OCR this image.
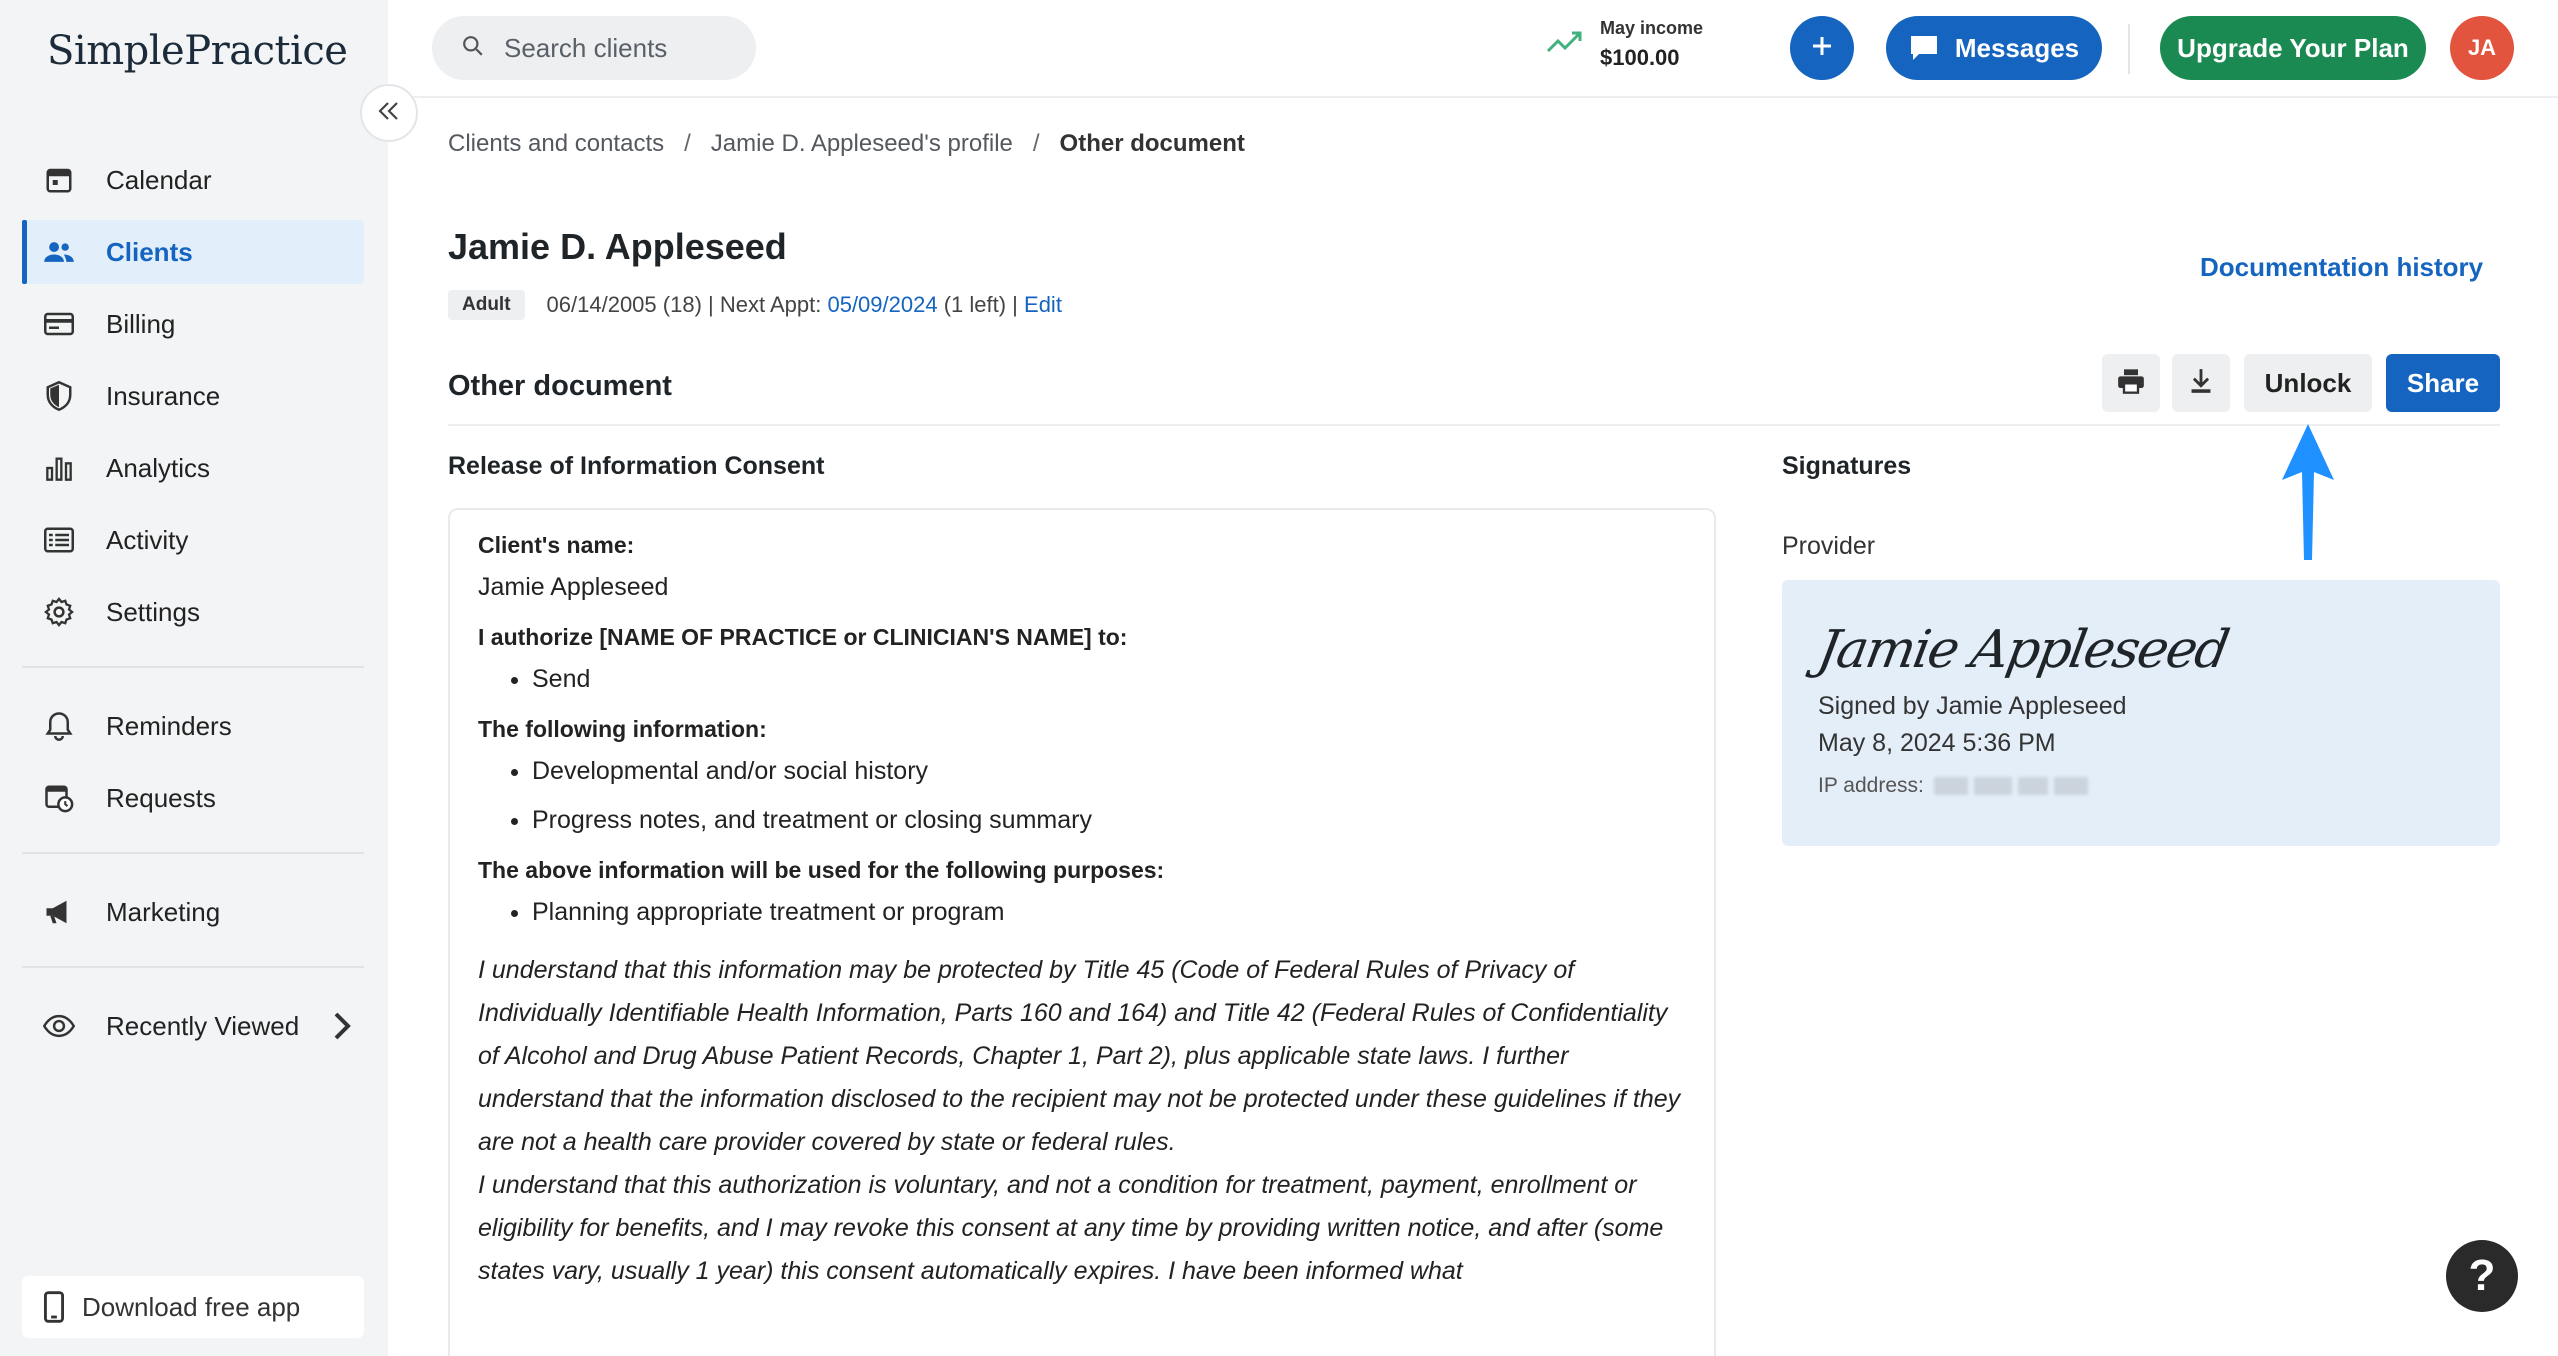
SimplePractice
Calendar
Clients
Billing
Insurance
Analytics
Activity
Settings
Reminders
Requests
Marketing
Recently Viewed
Download free app
Search clients
May income
$100.00	Messages	Upgrade Your Plan	JA
Clients and contacts / Jamie D. Appleseed's profile / Other document
Jamie D. Appleseed
Adult	06/14/2005 (18) | Next Appt:
05/09/2024
(1 left) |
Edit
Documentation history
Other document	Unlock	Share
Release of Information Consent
Client's name:
Jamie Appleseed
I authorize [NAME OF PRACTICE or CLINICIAN'S NAME] to:
• Send
The following information:
• Developmental and/or social history
• Progress notes, and treatment or closing summary
The above information will be used for the following purposes:
• Planning appropriate treatment or program

I understand that this information may be protected by Title 45 (Code of Federal Rules of Privacy of Individually Identifiable Health Information, Parts 160 and 164) and Title 42 (Federal Rules of Confidentiality of Alcohol and Drug Abuse Patient Records, Chapter 1, Part 2), plus applicable state laws. I further understand that the information disclosed to the recipient may not be protected under these guidelines if they are not a health care provider covered by state or federal rules.

I understand that this authorization is voluntary, and not a condition for treatment, payment, enrollment or eligibility for benefits, and I may revoke this consent at any time by providing written notice, and after (some states vary, usually 1 year) this consent automatically expires. I have been informed what

Signatures
Provider
Jamie Appleseed
Signed by Jamie Appleseed
May 8, 2024 5:36 PM
IP address:
?
